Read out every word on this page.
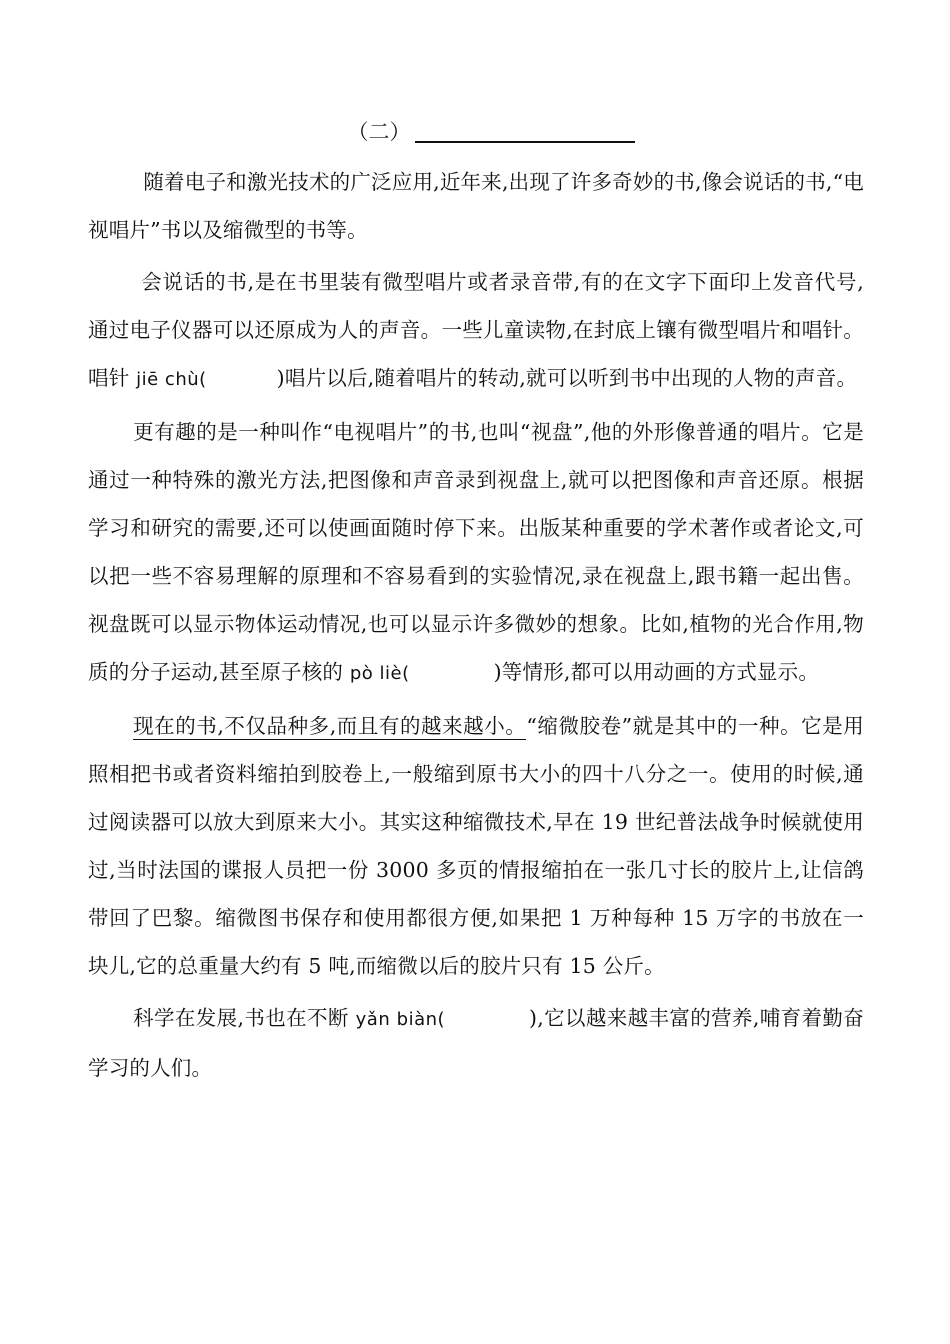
（二）

随着电子和激光技术的广泛应用,近年来,出现了许多奇妙的书,像会说话的书,“电视唱片”书以及缩微型的书等。

会说话的书,是在书里装有微型唱片或者录音带,有的在文字下面印上发音代号,通过电子仪器可以还原成为人的声音。一些儿童读物,在封底上镶有微型唱片和唱针。唱针 jiē chù(	)唱片以后,随着唱片的转动,就可以听到书中出现的人物的声音。

更有趣的是一种叫作“电视唱片”的书,也叫“视盘”,他的外形像普通的唱片。它是通过一种特殊的激光方法,把图像和声音录到视盘上,就可以把图像和声音还原。根据学习和研究的需要,还可以使画面随时停下来。出版某种重要的学术著作或者论文,可以把一些不容易理解的原理和不容易看到的实验情况,录在视盘上,跟书籍一起出售。视盘既可以显示物体运动情况,也可以显示许多微妙的想象。比如,植物的光合作用,物质的分子运动,甚至原子核的 pò liè(	)等情形,都可以用动画的方式显示。

现在的书,不仅品种多,而且有的越来越小。“缩微胶卷”就是其中的一种。它是用照相把书或者资料缩拍到胶卷上,一般缩到原书大小的四十八分之一。使用的时候,通过阅读器可以放大到原来大小。其实这种缩微技术,早在 19 世纪普法战争时候就使用过,当时法国的谍报人员把一份 3000 多页的情报缩拍在一张几寸长的胶片上,让信鸽带回了巴黎。缩微图书保存和使用都很方便,如果把 1 万种每种 15 万字的书放在一块儿,它的总重量大约有 5 吨,而缩微以后的胶片只有 15 公斤。

科学在发展,书也在不断 yǎn biàn(	),它以越来越丰富的营养,哺育着勤奋学习的人们。
